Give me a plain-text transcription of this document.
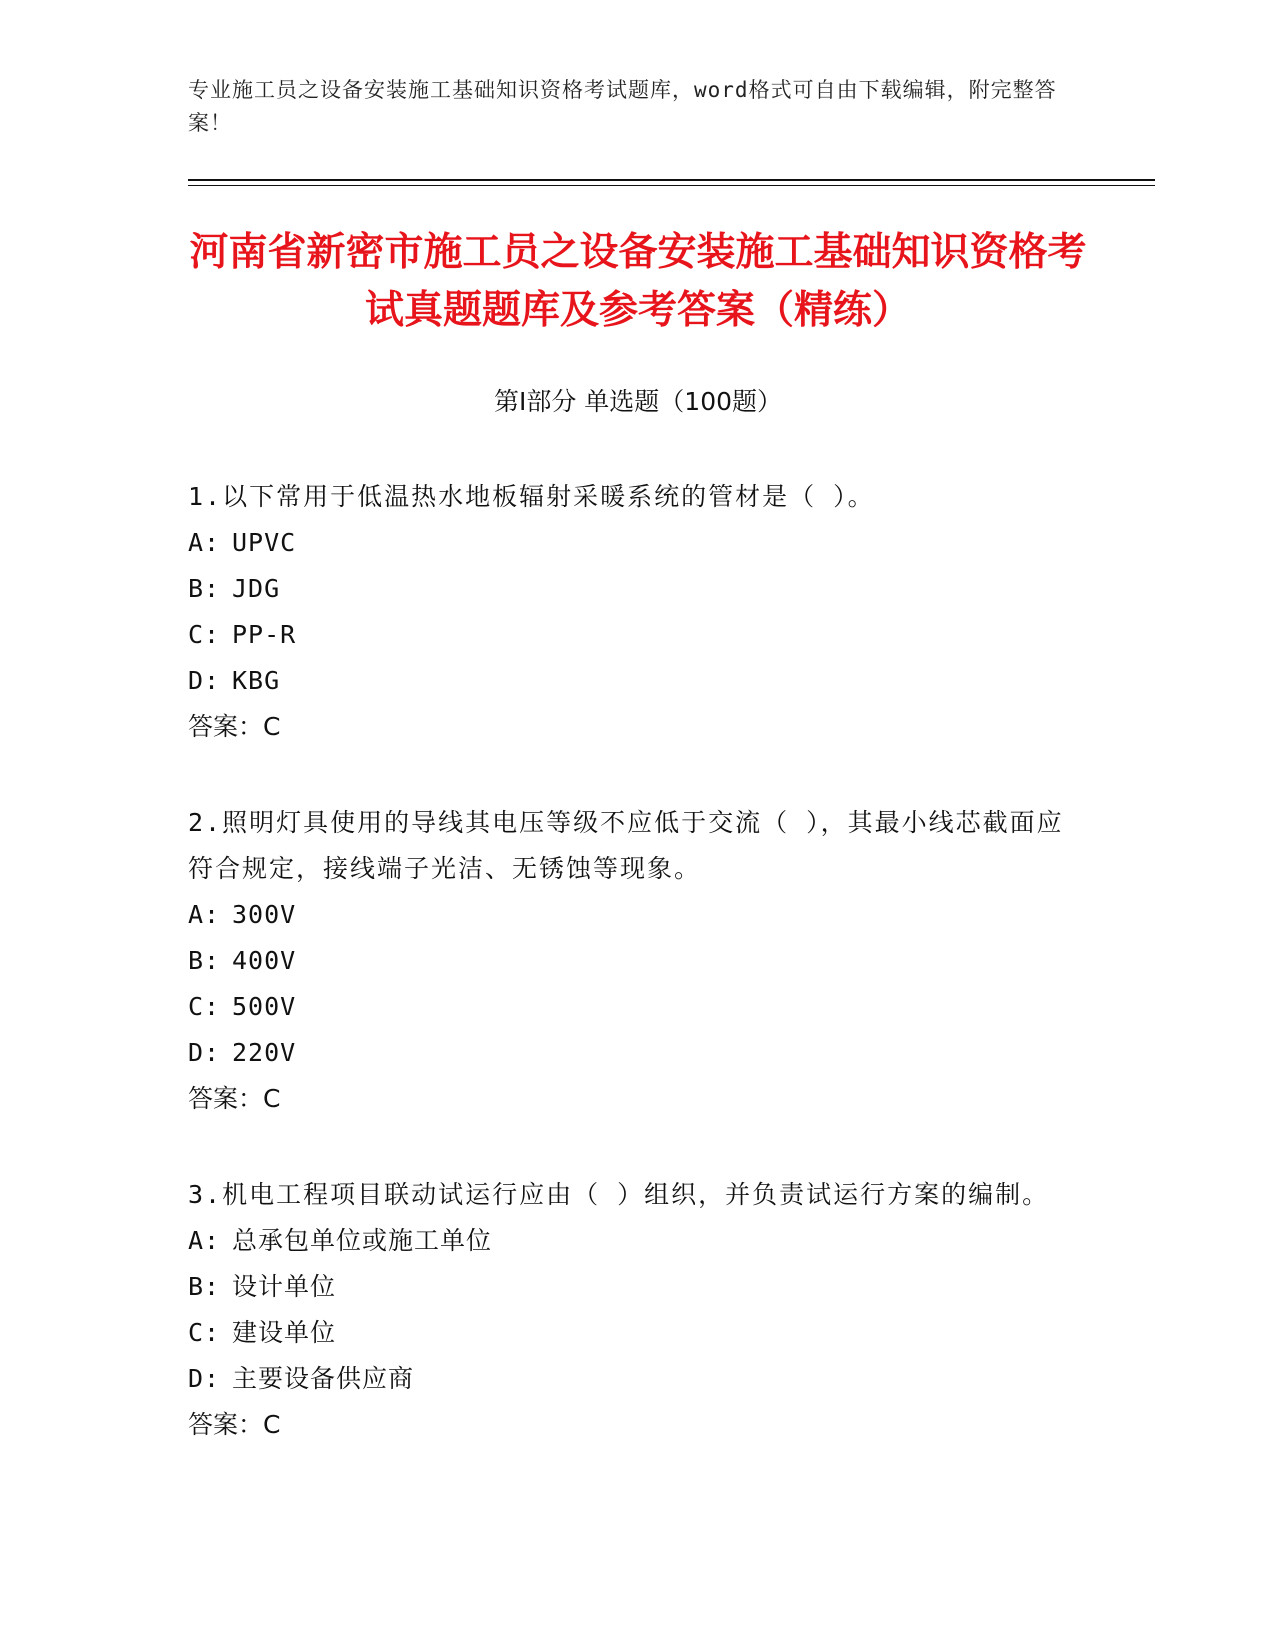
专业施工员之设备安装施工基础知识资格考试题库，word格式可自由下载编辑，附完整答案！
河南省新密市施工员之设备安装施工基础知识资格考试真题题库及参考答案（精练）
第I部分 单选题（100题）

1.以下常用于低温热水地板辐射采暖系统的管材是（ ）。

A: UPVC
B: JDG
C: PP-R
D: KBG
答案：C

2.照明灯具使用的导线其电压等级不应低于交流（ ），其最小线芯截面应符合规定，接线端子光洁、无锈蚀等现象。

A: 300V
B: 400V
C: 500V
D: 220V
答案：C

3.机电工程项目联动试运行应由（ ）组织，并负责试运行方案的编制。

A: 总承包单位或施工单位
B: 设计单位
C: 建设单位
D: 主要设备供应商
答案：C
